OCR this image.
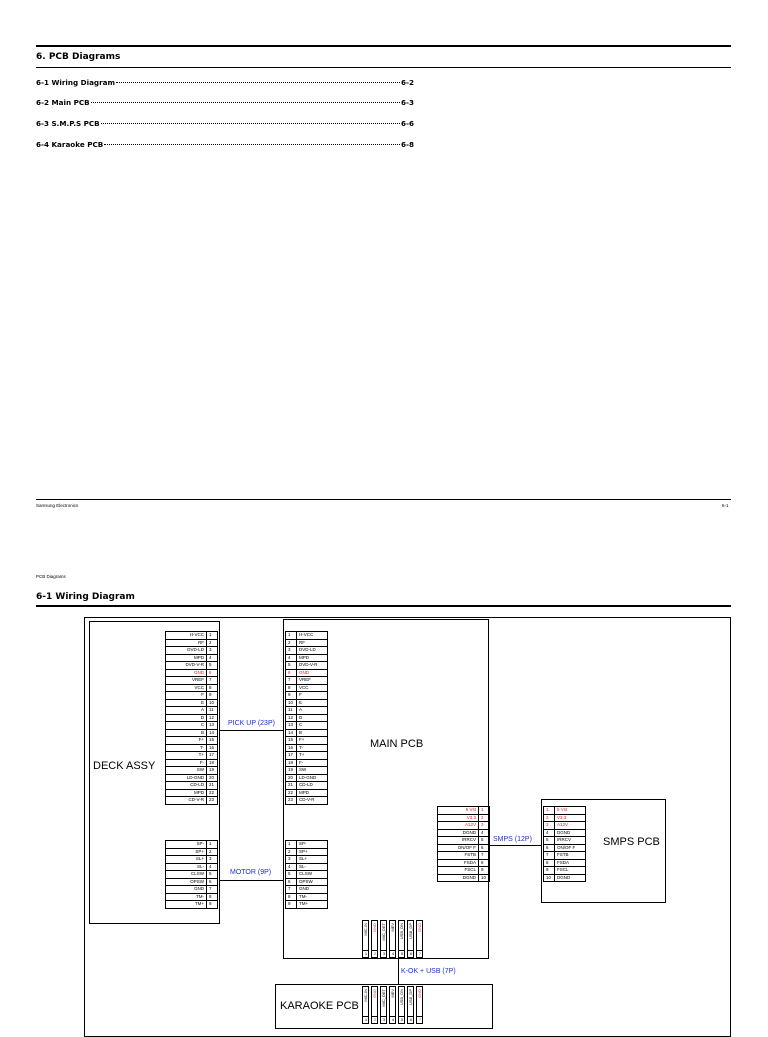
6. PCB Diagrams
6-1 Wiring Diagram	6-2
6-2 Main PCB	6-3
6-3 S.M.P.S PCB	6-6
6-4 Karaoke PCB	6-8
Samsung Electronics	6-1
PCB Diagrams
6-1 Wiring Diagram
DECK ASSY
MAIN PCB
SMPS PCB
KARAOKE PCB
H-VCC	1
RF	2
DVD-LD	3
MPD	4
DVD-V-R	5
GND	6
VREF	7
VCC	8
F	9
E	10
A	11
D	12
C	13
B	14
F+	15
T-	16
T+	17
F-	18
SW	19
LD-GND	20
CD-LD	21
MPD	22
CD-V-R	23
1	H-VCC
2	RF
3	DVD-LD
4	MPD
5	DVD-V-R
6	GND
7	VREF
8	VCC
9	F
10	E
11	A
12	D
13	C
14	B
15	F+
16	T-
17	T+
18	F-
19	SW
20	LD-GND
21	CD-LD
22	MPD
23	CD-V-R
SP-	1
SP+	2
SL+	3
SL-	4
CLSW	5
OPSW	6
GND	7
TM-	8
TM+	9
1	SP-
2	SP+
3	SL+
4	SL-
5	CLSW
6	OPSW
7	GND
8	TM-
9	TM+
5 Vst	1
V3.3	2
A12V	3
DGND	4
IRRCV	5
ON/OF F	6
FSTB	7
FSDA	8
FSCL	9
DGND	10
1	5 Vst
2	V3.3
3	A12V
4	DGND
5	IRRCV
6	ON/OF F
7	FSTB
8	FSDA
9	FSCL
10	DGND
PICK UP (23P)
MOTOR (9P)
SMPS (12P)
K-OK + USB (7P)
MIC-IN
1
GND
2
MIC_DET
3
MEV
4
USB_DN
5
USB_DP
6
GND
7
MIC-IN
1
GND
2
MIC_DET
3
MEV
4
USB_DN
5
USB_DP
6
GND
7
